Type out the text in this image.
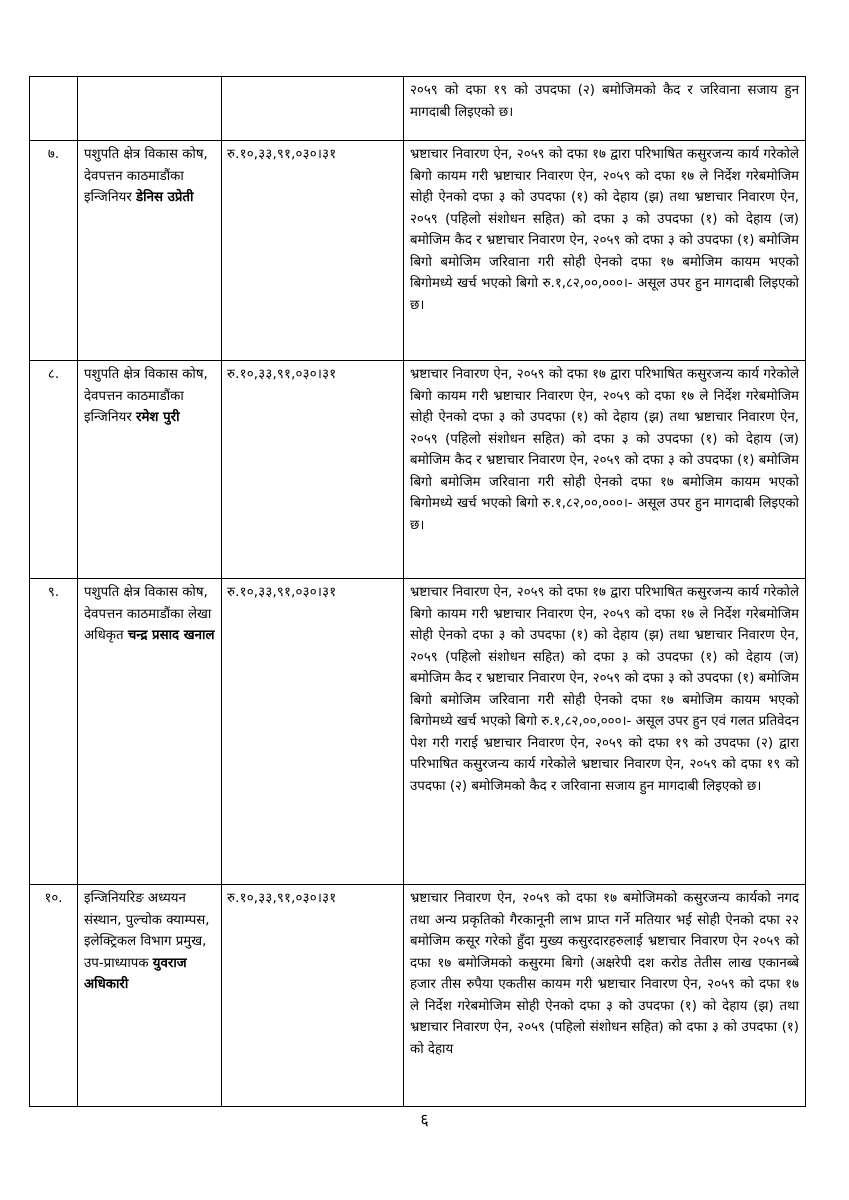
			२०५९ को दफा १९ को उपदफा (२) बमोजिमको कैद र जरिवाना सजाय हुन मागदाबी लिइएको छ।
७.	पशुपति क्षेत्र विकास कोष, देवपत्तन काठमाडौंका इन्जिनियर डेनिस उप्रेती	रु.१०,३३,९१,०३०।३१	भ्रष्टाचार निवारण ऐन, २०५९ को दफा १७ द्वारा परिभाषित कसुरजन्य कार्य गरेकोले बिगो कायम गरी भ्रष्टाचार निवारण ऐन, २०५९ को दफा १७ ले निर्देश गरेबमोजिम सोही ऐनको दफा ३ को उपदफा (१) को देहाय (झ) तथा भ्रष्टाचार निवारण ऐन, २०५९ (पहिलो संशोधन सहित) को दफा ३ को उपदफा (१) को देहाय (ज) बमोजिम कैद र भ्रष्टाचार निवारण ऐन, २०५९ को दफा ३ को उपदफा (१) बमोजिम बिगो बमोजिम जरिवाना गरी सोही ऐनको दफा १७ बमोजिम कायम भएको बिगोमध्ये खर्च भएको बिगो रु.१,८२,००,०००।- असूल उपर हुन मागदाबी लिइएको छ।
८.	पशुपति क्षेत्र विकास कोष, देवपत्तन काठमाडौंका इन्जिनियर रमेश पुरी	रु.१०,३३,९१,०३०।३१	भ्रष्टाचार निवारण ऐन, २०५९ को दफा १७ द्वारा परिभाषित कसुरजन्य कार्य गरेकोले बिगो कायम गरी भ्रष्टाचार निवारण ऐन, २०५९ को दफा १७ ले निर्देश गरेबमोजिम सोही ऐनको दफा ३ को उपदफा (१) को देहाय (झ) तथा भ्रष्टाचार निवारण ऐन, २०५९ (पहिलो संशोधन सहित) को दफा ३ को उपदफा (१) को देहाय (ज) बमोजिम कैद र भ्रष्टाचार निवारण ऐन, २०५९ को दफा ३ को उपदफा (१) बमोजिम बिगो बमोजिम जरिवाना गरी सोही ऐनको दफा १७ बमोजिम कायम भएको बिगोमध्ये खर्च भएको बिगो रु.१,८२,००,०००।- असूल उपर हुन मागदाबी लिइएको छ।
९.	पशुपति क्षेत्र विकास कोष, देवपत्तन काठमाडौंका लेखा अधिकृत चन्द्र प्रसाद खनाल	रु.१०,३३,९१,०३०।३१	भ्रष्टाचार निवारण ऐन, २०५९ को दफा १७ द्वारा परिभाषित कसुरजन्य कार्य गरेकोले बिगो कायम गरी भ्रष्टाचार निवारण ऐन, २०५९ को दफा १७ ले निर्देश गरेबमोजिम सोही ऐनको दफा ३ को उपदफा (१) को देहाय (झ) तथा भ्रष्टाचार निवारण ऐन, २०५९ (पहिलो संशोधन सहित) को दफा ३ को उपदफा (१) को देहाय (ज) बमोजिम कैद र भ्रष्टाचार निवारण ऐन, २०५९ को दफा ३ को उपदफा (१) बमोजिम बिगो बमोजिम जरिवाना गरी सोही ऐनको दफा १७ बमोजिम कायम भएको बिगोमध्ये खर्च भएको बिगो रु.१,८२,००,०००।- असूल उपर हुन एवं गलत प्रतिवेदन पेश गरी गराई भ्रष्टाचार निवारण ऐन, २०५९ को दफा १९ को उपदफा (२) द्वारा परिभाषित कसुरजन्य कार्य गरेकोले भ्रष्टाचार निवारण ऐन, २०५९ को दफा १९ को उपदफा (२) बमोजिमको कैद र जरिवाना सजाय हुन मागदाबी लिइएको छ।
१०.	इन्जिनियरिङ अध्ययन संस्थान, पुल्चोक क्याम्पस, इलेक्ट्रिकल विभाग प्रमुख, उप-प्राध्यापक युवराज अधिकारी	रु.१०,३३,९१,०३०।३१	भ्रष्टाचार निवारण ऐन, २०५९ को दफा १७ बमोजिमको कसुरजन्य कार्यको नगद तथा अन्य प्रकृतिको गैरकानूनी लाभ प्राप्त गर्ने मतियार भई सोही ऐनको दफा २२ बमोजिम कसूर गरेको हुँदा मुख्य कसुरदारहरुलाई भ्रष्टाचार निवारण ऐन २०५९ को दफा १७ बमोजिमको कसुरमा बिगो (अक्षरेपी दश करोड तेतीस लाख एकानब्बे हजार तीस रुपैया एकतीस कायम गरी भ्रष्टाचार निवारण ऐन, २०५९ को दफा १७ ले निर्देश गरेबमोजिम सोही ऐनको दफा ३ को उपदफा (१) को देहाय (झ) तथा भ्रष्टाचार निवारण ऐन, २०५९ (पहिलो संशोधन सहित) को दफा ३ को उपदफा (१) को देहाय
६
